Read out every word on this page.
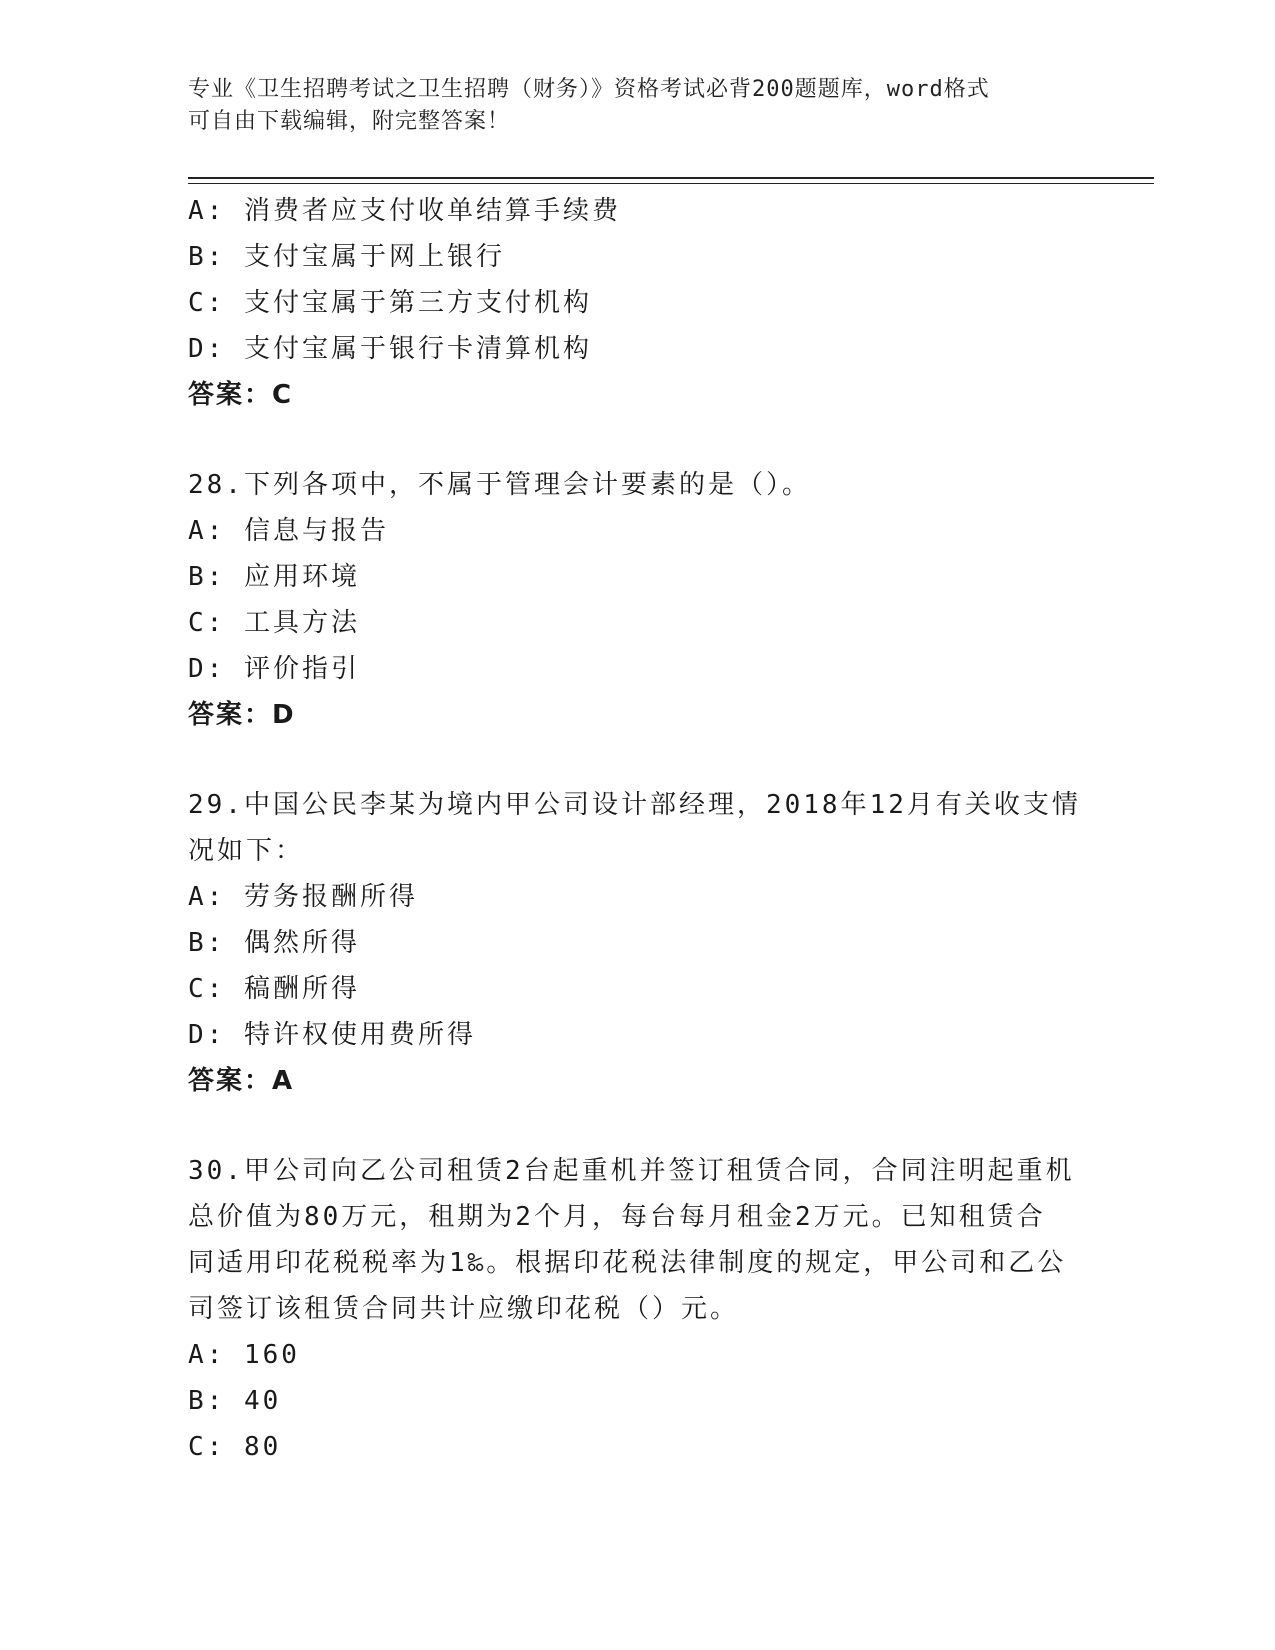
专业《卫生招聘考试之卫生招聘（财务）》资格考试必背200题题库，word格式
可自由下载编辑，附完整答案！
A: 消费者应支付收单结算手续费
B: 支付宝属于网上银行
C: 支付宝属于第三方支付机构
D: 支付宝属于银行卡清算机构
答案：C
28.下列各项中，不属于管理会计要素的是（）。
A: 信息与报告
B: 应用环境
C: 工具方法
D: 评价指引
答案：D
29.中国公民李某为境内甲公司设计部经理，2018年12月有关收支情
况如下：
A: 劳务报酬所得
B: 偶然所得
C: 稿酬所得
D: 特许权使用费所得
答案：A
30.甲公司向乙公司租赁2台起重机并签订租赁合同，合同注明起重机
总价值为80万元，租期为2个月，每台每月租金2万元。已知租赁合
同适用印花税税率为1‰。根据印花税法律制度的规定，甲公司和乙公
司签订该租赁合同共计应缴印花税（）元。
A: 160
B: 40
C: 80
